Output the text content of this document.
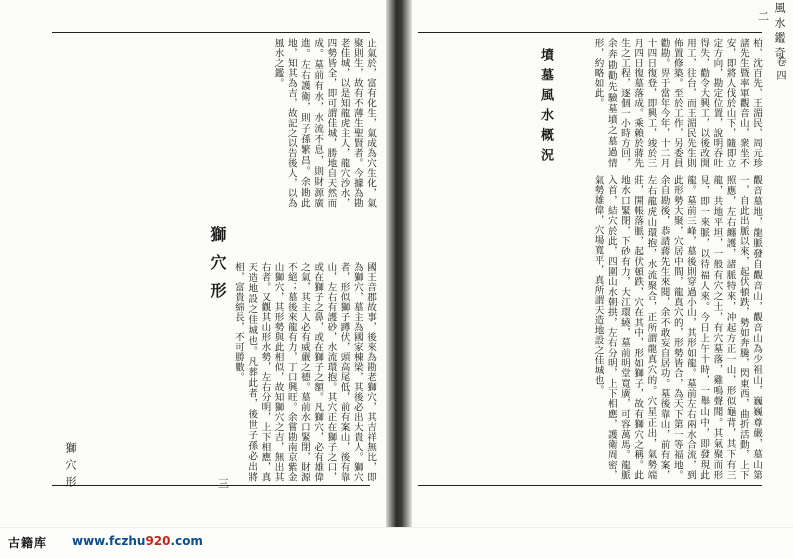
風水鑑奇
卷四
二
柏、沈百先、王湄民、周元珍諸先生暨率軍觀音山，衆坐不安，即將人伐於山下，隨即立定方向，勘定位置，說明吞吐得失，勸令大興工，以後改開用工，往台，而王湄民先生則佈置修築。至於工作，另委員勸勘。畀于當年今年，十二月十四日復登，即興工，竣於三月四日復墓落成。乘賴於蔣先生之工程，逐個一小時方回，余奔勘勸先驗墓墳之墓過情形，約略如此。
墳墓風水概況
觀音墓地，龍脈發自觀音山，觀音山為少祖山，巍巍尊嚴，墓山第一，自此出脈以來，起伏頓跌，勢如奔騰，閃東西，曲折活動，上下照應，左右纏護，諸脈特來，冲起方正一山，形似龜背，其下有三龍，共地平坦，一般有穴之土，有穴墓落，雞鳴聲聞。其氣聚而形見，即一來脈，以待福人來。今日上午十時，一舉山中，即發現此龍。墓前三峰，墓後則穿過小山，其形如龍。墓前左右兩水合流，到此形勢大聚，穴居中間，龍真穴的，形勢皆合，為天下第一等福地。余自勘後，恭請蔣先生來閱，余不敢妄自居功。墓後靠山，前有案，左右龍虎山環抱，水流聚合，正所謂龍真穴的。穴星正出，氣勢端莊，開帳落脈，起伏頓跌，穴在其中，形如獅子，故有獅穴之稱。此地水口緊閉，下砂有力，大江環繞，墓前明堂寬廣，可容萬馬。龍脈入首，結穴於此，四圍山水朝拱，左右分明，上下相應，護衛周密，氣勢雄偉，穴場寬平，真所謂天造地設之佳城也。
止氣於，富有化生，氣成為穴生化，氣聚則生，故有不薄生聖賢者。今據為勘老佳城，以是知龍虎主人，龍穴沙水，四勢皆全，即可謂佳城，勝地自天然而成。墓前有水，水流不息，則財源廣進。左右護衛，則子孫繁昌。余勘此地，知其為吉，故記之以告後人，以為風水之鑑。
獅穴形	國王音郡故事，後來為勘老獅穴，其吉祥無比，即為獅穴，墓主為國家棟梁，其後必出大貴人。獅穴者，形似獅子蹲伏，頭高尾低，前有案山，後有靠山，左右有護砂，水流環抱。其穴正在獅子之口，或在獅子之鼻，或在獅子之額。凡獅穴，必有雄偉之氣，其主人必有威嚴之德。墓前水口緊閉，財源不絕；墓後來龍有力，丁口興旺。余嘗勘南京紫金山獅穴，其形勢與此相似，故知獅穴之吉，無出其右者。又觀其山形水勢，左右分明，上下相應，真天造地設之佳城也。凡葬此者，後世子孫必出將相，富貴綿長，不可勝數。
獅穴形	三
古籍库 www.fczhu920.com
